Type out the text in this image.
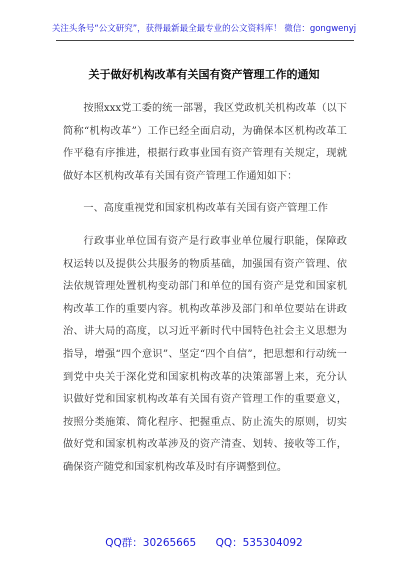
关注头条号“公文研究”，获得最新最全最专业的公文资料库！ 微信：gongwenyj
关于做好机构改革有关国有资产管理工作的通知

按照xxx党工委的统一部署，我区党政机关机构改革（以下简称“机构改革”）工作已经全面启动，为确保本区机构改革工作平稳有序推进，根据行政事业国有资产管理有关规定，现就做好本区机构改革有关国有资产管理工作通知如下：

一、高度重视党和国家机构改革有关国有资产管理工作

行政事业单位国有资产是行政事业单位履行职能，保障政权运转以及提供公共服务的物质基础，加强国有资产管理、依法依规管理处置机构变动部门和单位的国有资产是党和国家机构改革工作的重要内容。机构改革涉及部门和单位要站在讲政治、讲大局的高度，以习近平新时代中国特色社会主义思想为指导，增强“四个意识”、坚定“四个自信”，把思想和行动统一到党中央关于深化党和国家机构改革的决策部署上来，充分认识做好党和国家机构改革有关国有资产管理工作的重要意义，按照分类施策、简化程序、把握重点、防止流失的原则，切实做好党和国家机构改革涉及的资产清查、划转、接收等工作，确保资产随党和国家机构改革及时有序调整到位。

QQ群：30265665 QQ：535304092
